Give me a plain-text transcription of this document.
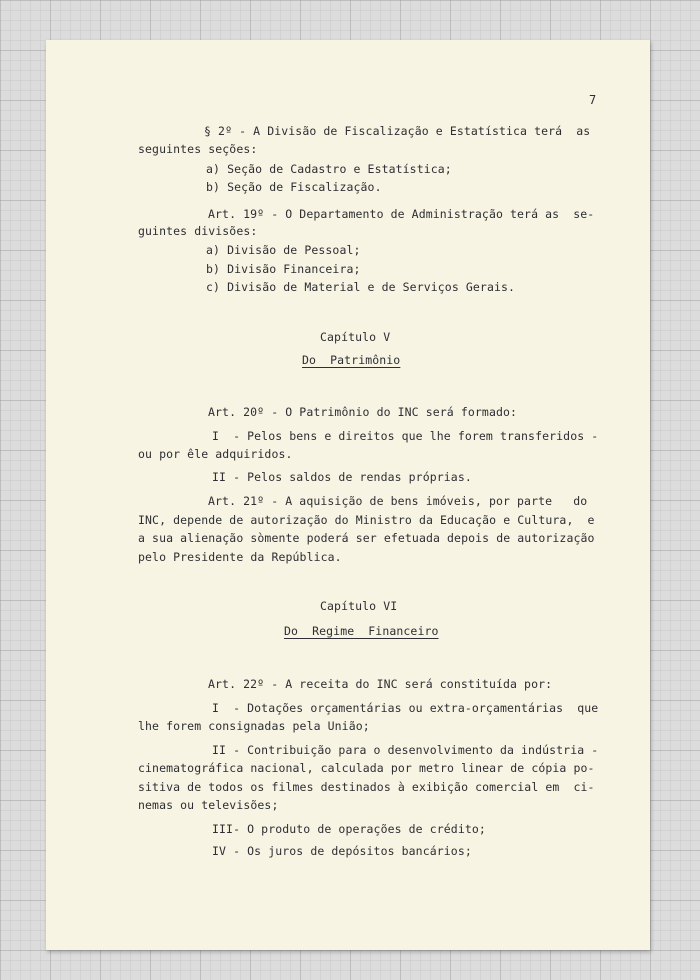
7
§ 2º - A Divisão de Fiscalização e Estatística terá  as
seguintes seções:
a) Seção de Cadastro e Estatística;
b) Seção de Fiscalização.
Art. 19º - O Departamento de Administração terá as  se-
guintes divisões:
a) Divisão de Pessoal;
b) Divisão Financeira;
c) Divisão de Material e de Serviços Gerais.
Capítulo V
Do  Patrimônio
Art. 20º - O Patrimônio do INC será formado:
I  - Pelos bens e direitos que lhe forem transferidos -
ou por êle adquiridos.
II - Pelos saldos de rendas próprias.
Art. 21º - A aquisição de bens imóveis, por parte   do
INC, depende de autorização do Ministro da Educação e Cultura,  e
a sua alienação sòmente poderá ser efetuada depois de autorização
pelo Presidente da República.
Capítulo VI
Do  Regime  Financeiro
Art. 22º - A receita do INC será constituída por:
I  - Dotações orçamentárias ou extra-orçamentárias  que
lhe forem consignadas pela União;
II - Contribuição para o desenvolvimento da indústria -
cinematográfica nacional, calculada por metro linear de cópia po-
sitiva de todos os filmes destinados à exibição comercial em  ci-
nemas ou televisões;
III- O produto de operações de crédito;
IV - Os juros de depósitos bancários;
